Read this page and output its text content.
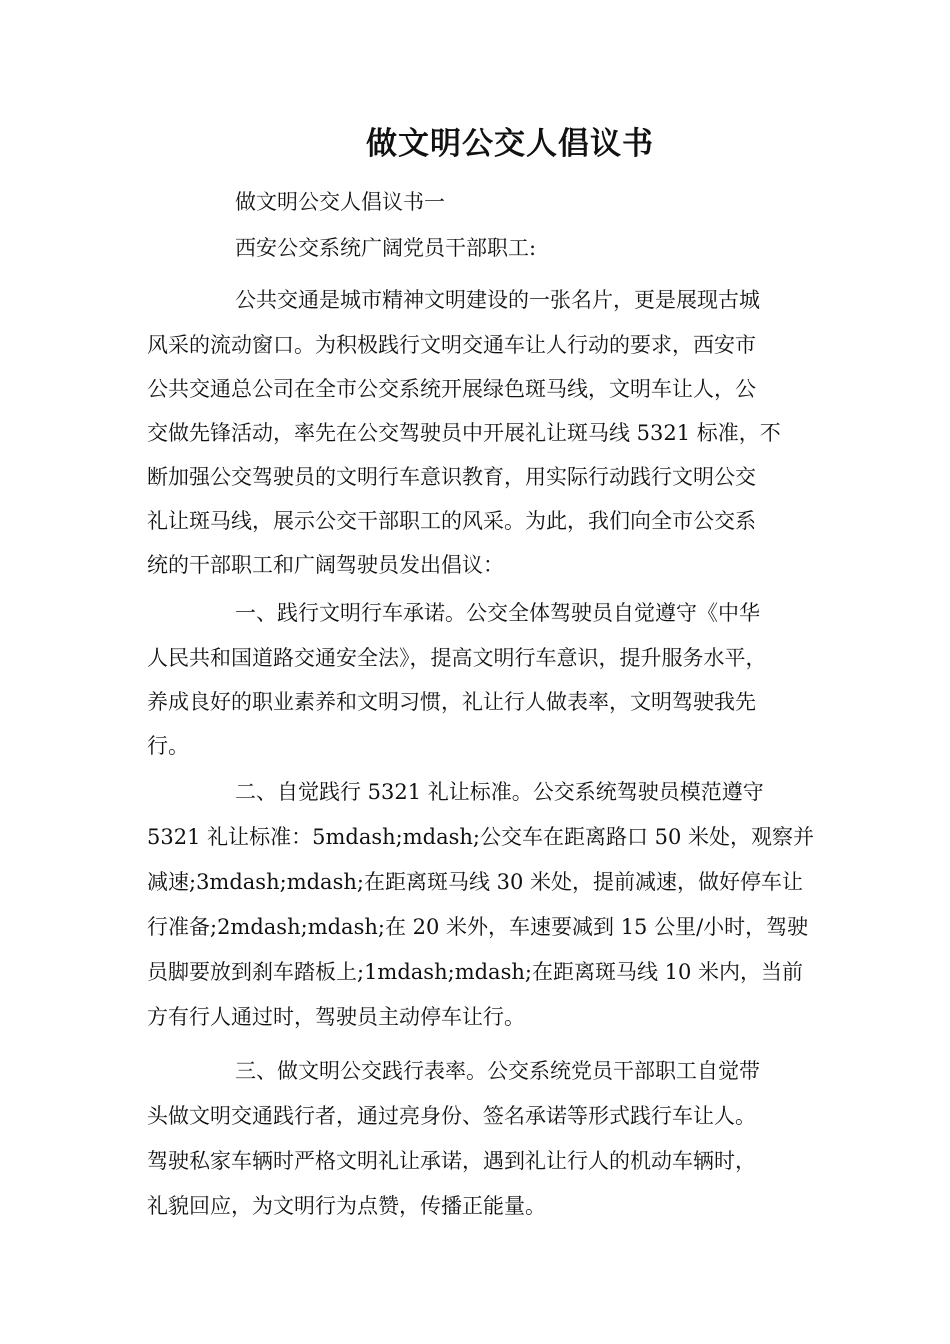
做文明公交人倡议书
做文明公交人倡议书一
西安公交系统广阔党员干部职工:
公共交通是城市精神文明建设的一张名片，更是展现古城
风采的流动窗口。为积极践行文明交通车让人行动的要求，西安市
公共交通总公司在全市公交系统开展绿色斑马线，文明车让人，公
交做先锋活动，率先在公交驾驶员中开展礼让斑马线 5321 标准，不
断加强公交驾驶员的文明行车意识教育，用实际行动践行文明公交
礼让斑马线，展示公交干部职工的风采。为此，我们向全市公交系
统的干部职工和广阔驾驶员发出倡议：
一、践行文明行车承诺。公交全体驾驶员自觉遵守《中华
人民共和国道路交通安全法》，提高文明行车意识，提升服务水平，
养成良好的职业素养和文明习惯，礼让行人做表率，文明驾驶我先
行。
二、自觉践行 5321 礼让标准。公交系统驾驶员模范遵守
5321 礼让标准：5mdash;mdash;公交车在距离路口 50 米处，观察并
减速;3mdash;mdash;在距离斑马线 30 米处，提前减速，做好停车让
行准备;2mdash;mdash;在 20 米外，车速要减到 15 公里/小时，驾驶
员脚要放到刹车踏板上;1mdash;mdash;在距离斑马线 10 米内，当前
方有行人通过时，驾驶员主动停车让行。
三、做文明公交践行表率。公交系统党员干部职工自觉带
头做文明交通践行者，通过亮身份、签名承诺等形式践行车让人。
驾驶私家车辆时严格文明礼让承诺，遇到礼让行人的机动车辆时，
礼貌回应，为文明行为点赞，传播正能量。
